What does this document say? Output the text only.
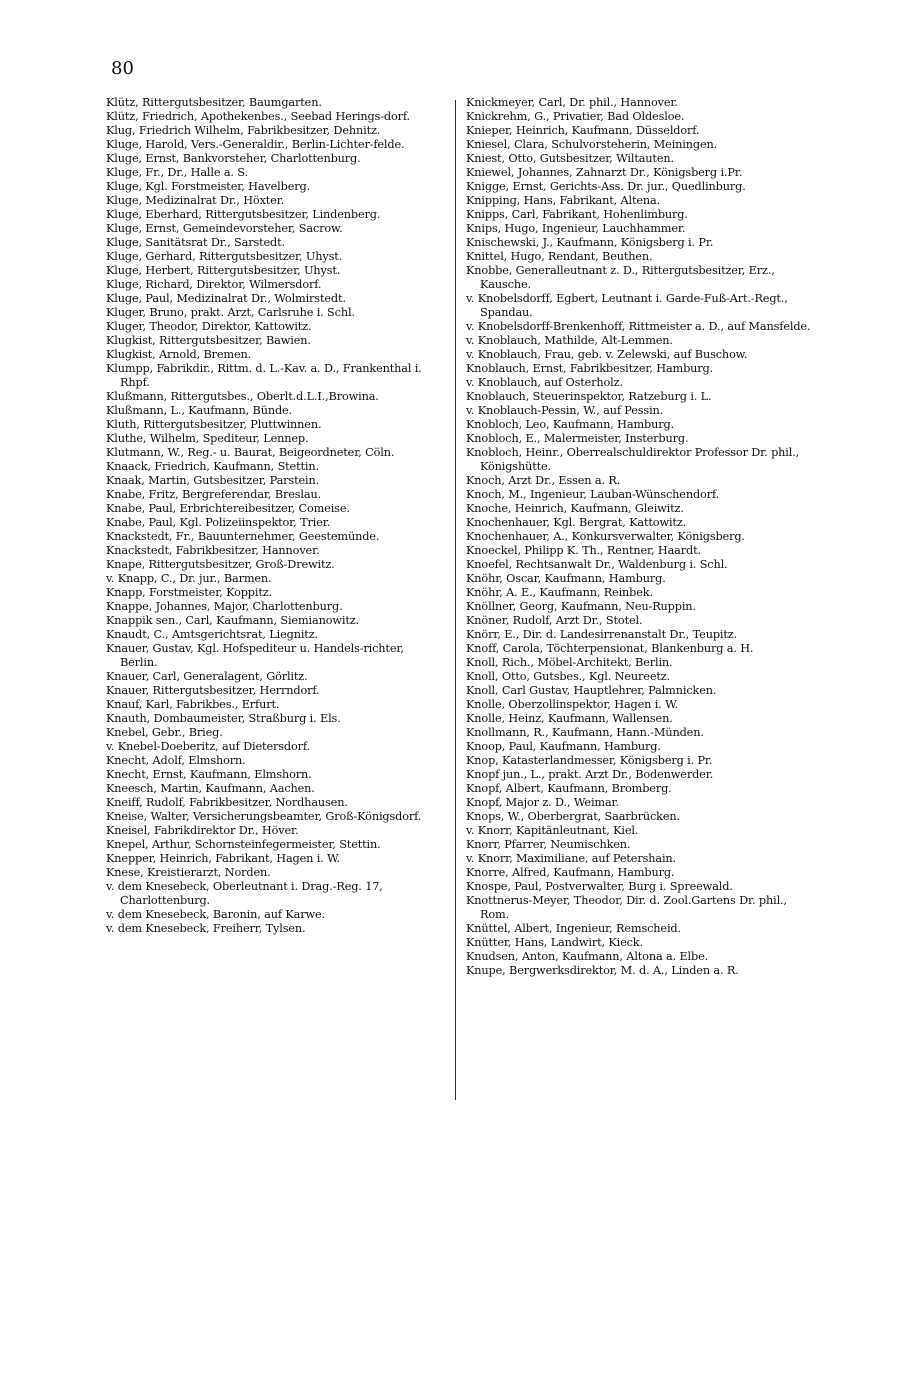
80
Klütz, Rittergutsbesitzer, Baumgarten.
Klütz, Friedrich, Apothekenbes., Seebad Herings-dorf.
Klug, Friedrich Wilhelm, Fabrikbesitzer, Dehnitz.
Kluge, Harold, Vers.-Generaldir., Berlin-Lichter-felde.
Kluge, Ernst, Bankvorsteher, Charlottenburg.
Kluge, Fr., Dr., Halle a. S.
Kluge, Kgl. Forstmeister, Havelberg.
Kluge, Medizinalrat Dr., Höxter.
Kluge, Eberhard, Rittergutsbesitzer, Lindenberg.
Kluge, Ernst, Gemeindevorsteher, Sacrow.
Kluge, Sanitätsrat Dr., Sarstedt.
Kluge, Gerhard, Rittergutsbesitzer, Uhyst.
Kluge, Herbert, Rittergutsbesitzer, Uhyst.
Kluge, Richard, Direktor, Wilmersdorf.
Kluge, Paul, Medizinalrat Dr., Wolmirstedt.
Kluger, Bruno, prakt. Arzt, Carlsruhe i. Schl.
Kluger, Theodor, Direktor, Kattowitz.
Klugkist, Rittergutsbesitzer, Bawien.
Klugkist, Arnold, Bremen.
Klumpp, Fabrikdir., Rittm. d. L.-Kav. a. D., Frankenthal i. Rhpf.
Klußmann, Rittergutsbes., Oberlt.d.L.I.,Browina.
Klußmann, L., Kaufmann, Bünde.
Kluth, Rittergutsbesitzer, Pluttwinnen.
Kluthe, Wilhelm, Spediteur, Lennep.
Klutmann, W., Reg.- u. Baurat, Beigeordneter, Cöln.
Knaack, Friedrich, Kaufmann, Stettin.
Knaak, Martin, Gutsbesitzer, Parstein.
Knabe, Fritz, Bergreferendar, Breslau.
Knabe, Paul, Erbrichtereibesitzer, Comeise.
Knabe, Paul, Kgl. Polizeiinspektor, Trier.
Knackstedt, Fr., Bauunternehmer, Geestemünde.
Knackstedt, Fabrikbesitzer, Hannover.
Knape, Rittergutsbesitzer, Groß-Drewitz.
v. Knapp, C., Dr. jur., Barmen.
Knapp, Forstmeister, Koppitz.
Knappe, Johannes, Major, Charlottenburg.
Knappik sen., Carl, Kaufmann, Siemianowitz.
Knaudt, C., Amtsgerichtsrat, Liegnitz.
Knauer, Gustav, Kgl. Hofspediteur u. Handels-richter, Berlin.
Knauer, Carl, Generalagent, Görlitz.
Knauer, Rittergutsbesitzer, Herrndorf.
Knauf, Karl, Fabrikbes., Erfurt.
Knauth, Dombaumeister, Straßburg i. Els.
Knebel, Gebr., Brieg.
v. Knebel-Doeberitz, auf Dietersdorf.
Knecht, Adolf, Elmshorn.
Knecht, Ernst, Kaufmann, Elmshorn.
Kneesch, Martin, Kaufmann, Aachen.
Kneiff, Rudolf, Fabrikbesitzer, Nordhausen.
Kneise, Walter, Versicherungsbeamter, Groß-Königsdorf.
Kneisel, Fabrikdirektor Dr., Höver.
Knepel, Arthur, Schornsteinfegermeister, Stettin.
Knepper, Heinrich, Fabrikant, Hagen i. W.
Knese, Kreistierarzt, Norden.
v. dem Knesebeck, Oberleutnant i. Drag.-Reg. 17, Charlottenburg.
v. dem Knesebeck, Baronin, auf Karwe.
v. dem Knesebeck, Freiherr, Tylsen.
Knickmeyer, Carl, Dr. phil., Hannover.
Knickrehm, G., Privatier, Bad Oldesloe.
Knieper, Heinrich, Kaufmann, Düsseldorf.
Kniesel, Clara, Schulvorsteherin, Meiningen.
Kniest, Otto, Gutsbesitzer, Wiltauten.
Kniewel, Johannes, Zahnarzt Dr., Königsberg i.Pr.
Knigge, Ernst, Gerichts-Ass. Dr. jur., Quedlinburg.
Knipping, Hans, Fabrikant, Altena.
Knipps, Carl, Fabrikant, Hohenlimburg.
Knips, Hugo, Ingenieur, Lauchhammer.
Knischewski, J., Kaufmann, Königsberg i. Pr.
Knittel, Hugo, Rendant, Beuthen.
Knobbe, Generalleutnant z. D., Rittergutsbesitzer, Erz., Kausche.
v. Knobelsdorff, Egbert, Leutnant i. Garde-Fuß-Art.-Regt., Spandau.
v. Knobelsdorff-Brenkenhoff, Rittmeister a. D., auf Mansfelde.
v. Knoblauch, Mathilde, Alt-Lemmen.
v. Knoblauch, Frau, geb. v. Zelewski, auf Buschow.
Knoblauch, Ernst, Fabrikbesitzer, Hamburg.
v. Knoblauch, auf Osterholz.
Knoblauch, Steuerinspektor, Ratzeburg i. L.
v. Knoblauch-Pessin, W., auf Pessin.
Knobloch, Leo, Kaufmann, Hamburg.
Knobloch, E., Malermeister, Insterburg.
Knobloch, Heinr., Oberrealschuldirektor Professor Dr. phil., Königshütte.
Knoch, Arzt Dr., Essen a. R.
Knoch, M., Ingenieur, Lauban-Wünschendorf.
Knoche, Heinrich, Kaufmann, Gleiwitz.
Knochenhauer, Kgl. Bergrat, Kattowitz.
Knochenhauer, A., Konkursverwalter, Königsberg.
Knoeckel, Philipp K. Th., Rentner, Haardt.
Knoefel, Rechtsanwalt Dr., Waldenburg i. Schl.
Knöhr, Oscar, Kaufmann, Hamburg.
Knöhr, A. E., Kaufmann, Reinbek.
Knöllner, Georg, Kaufmann, Neu-Ruppin.
Knöner, Rudolf, Arzt Dr., Stotel.
Knörr, E., Dir. d. Landesirrenanstalt Dr., Teupitz.
Knoff, Carola, Töchterpensionat, Blankenburg a. H.
Knoll, Rich., Möbel-Architekt, Berlin.
Knoll, Otto, Gutsbes., Kgl. Neureetz.
Knoll, Carl Gustav, Hauptlehrer, Palmnicken.
Knolle, Oberzollinspektor, Hagen i. W.
Knolle, Heinz, Kaufmann, Wallensen.
Knollmann, R., Kaufmann, Hann.-Münden.
Knoop, Paul, Kaufmann, Hamburg.
Knop, Katasterlandmesser, Königsberg i. Pr.
Knopf jun., L., prakt. Arzt Dr., Bodenwerder.
Knopf, Albert, Kaufmann, Bromberg.
Knopf, Major z. D., Weimar.
Knops, W., Oberbergrat, Saarbrücken.
v. Knorr, Kapitänleutnant, Kiel.
Knorr, Pfarrer, Neumischken.
v. Knorr, Maximiliane, auf Petershain.
Knorre, Alfred, Kaufmann, Hamburg.
Knospe, Paul, Postverwalter, Burg i. Spreewald.
Knottnerus-Meyer, Theodor, Dir. d. Zool.Gartens Dr. phil., Rom.
Knüttel, Albert, Ingenieur, Remscheid.
Knütter, Hans, Landwirt, Kieck.
Knudsen, Anton, Kaufmann, Altona a. Elbe.
Knupe, Bergwerksdirektor, M. d. A., Linden a. R.
